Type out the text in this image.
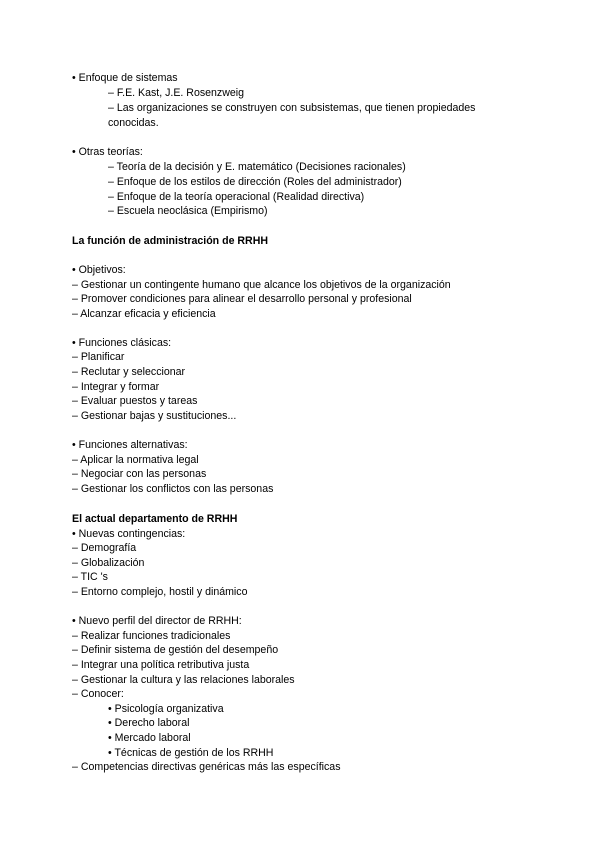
• Enfoque de sistemas
– F.E. Kast, J.E. Rosenzweig
– Las organizaciones se construyen con subsistemas, que tienen propiedades
conocidas.
• Otras teorías:
– Teoría de la decisión y E. matemático (Decisiones racionales)
– Enfoque de los estilos de dirección (Roles del administrador)
– Enfoque de la teoría operacional (Realidad directiva)
– Escuela neoclásica (Empirismo)
La función de administración de RRHH
• Objetivos:
– Gestionar un contingente humano que alcance los objetivos de la organización
– Promover condiciones para alinear el desarrollo personal y profesional
– Alcanzar eficacia y eficiencia
• Funciones clásicas:
– Planificar
– Reclutar y seleccionar
– Integrar y formar
– Evaluar puestos y tareas
– Gestionar bajas y sustituciones...
• Funciones alternativas:
– Aplicar la normativa legal
– Negociar con las personas
– Gestionar los conflictos con las personas
El actual departamento de RRHH
• Nuevas contingencias:
– Demografía
– Globalización
– TIC 's
– Entorno complejo, hostil y dinámico
• Nuevo perfil del director de RRHH:
– Realizar funciones tradicionales
– Definir sistema de gestión del desempeño
– Integrar una política retributiva justa
– Gestionar la cultura y las relaciones laborales
– Conocer:
• Psicología organizativa
• Derecho laboral
• Mercado laboral
• Técnicas de gestión de los RRHH
– Competencias directivas genéricas más las específicas
